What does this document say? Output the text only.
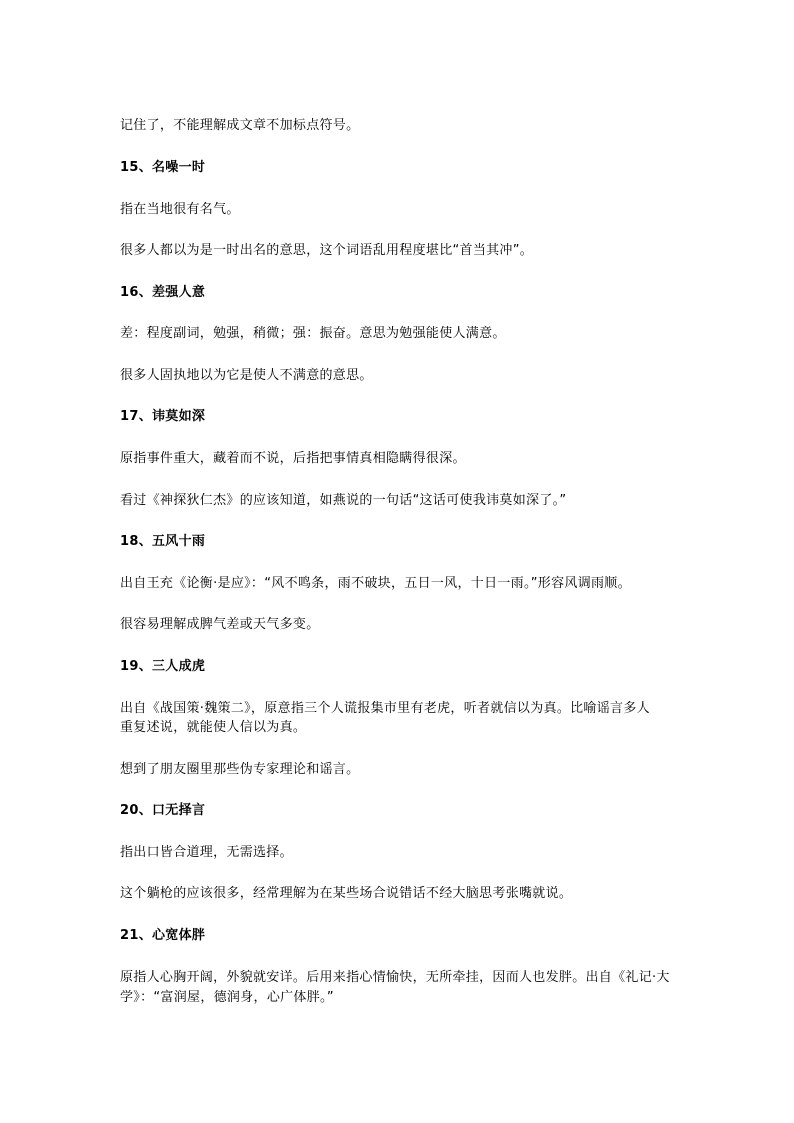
记住了，不能理解成文章不加标点符号。
15、名噪一时
指在当地很有名气。
很多人都以为是一时出名的意思，这个词语乱用程度堪比“首当其冲”。
16、差强人意
差：程度副词，勉强，稍微；强：振奋。意思为勉强能使人满意。
很多人固执地以为它是使人不满意的意思。
17、讳莫如深
原指事件重大，藏着而不说，后指把事情真相隐瞒得很深。
看过《神探狄仁杰》的应该知道，如燕说的一句话“这话可使我讳莫如深了。”
18、五风十雨
出自王充《论衡·是应》：“风不鸣条，雨不破块，五日一风，十日一雨。”形容风调雨顺。
很容易理解成脾气差或天气多变。
19、三人成虎
出自《战国策·魏策二》，原意指三个人谎报集市里有老虎，听者就信以为真。比喻谣言多人
重复述说，就能使人信以为真。
想到了朋友圈里那些伪专家理论和谣言。
20、口无择言
指出口皆合道理，无需选择。
这个躺枪的应该很多，经常理解为在某些场合说错话不经大脑思考张嘴就说。
21、心宽体胖
原指人心胸开阔，外貌就安详。后用来指心情愉快，无所牵挂，因而人也发胖。出自《礼记·大
学》：“富润屋，德润身，心广体胖。”
